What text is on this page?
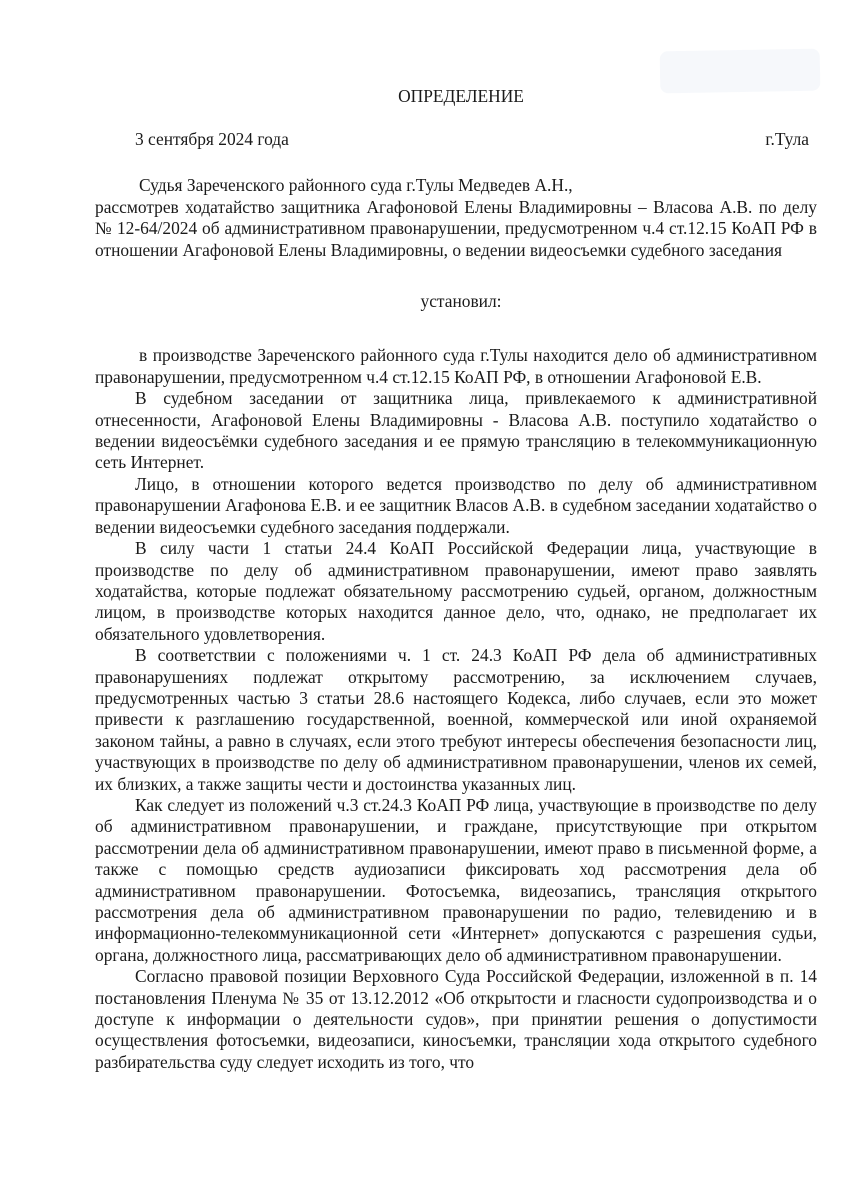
ОПРЕДЕЛЕНИЕ
3 сентября 2024 года	г.Тула

Судья Зареченского районного суда г.Тулы Медведев А.Н.,

рассмотрев ходатайство защитника Агафоновой Елены Владимировны – Власова А.В. по делу № 12-64/2024 об административном правонарушении, предусмотренном ч.4 ст.12.15 КоАП РФ в отношении Агафоновой Елены Владимировны, о ведении видеосъемки судебного заседания

установил:

в производстве Зареченского районного суда г.Тулы находится дело об административном правонарушении, предусмотренном ч.4 ст.12.15 КоАП РФ, в отношении Агафоновой Е.В.

В судебном заседании от защитника лица, привлекаемого к административной отнесенности, Агафоновой Елены Владимировны - Власова А.В. поступило ходатайство о ведении видеосъёмки судебного заседания и ее прямую трансляцию в телекоммуникационную сеть Интернет.

Лицо, в отношении которого ведется производство по делу об административном правонарушении Агафонова Е.В. и ее защитник Власов А.В. в судебном заседании ходатайство о ведении видеосъемки судебного заседания поддержали.

В силу части 1 статьи 24.4 КоАП Российской Федерации лица, участвующие в производстве по делу об административном правонарушении, имеют право заявлять ходатайства, которые подлежат обязательному рассмотрению судьей, органом, должностным лицом, в производстве которых находится данное дело, что, однако, не предполагает их обязательного удовлетворения.

В соответствии с положениями ч. 1 ст. 24.3 КоАП РФ дела об административных правонарушениях подлежат открытому рассмотрению, за исключением случаев, предусмотренных частью 3 статьи 28.6 настоящего Кодекса, либо случаев, если это может привести к разглашению государственной, военной, коммерческой или иной охраняемой законом тайны, а равно в случаях, если этого требуют интересы обеспечения безопасности лиц, участвующих в производстве по делу об административном правонарушении, членов их семей, их близких, а также защиты чести и достоинства указанных лиц.

Как следует из положений ч.3 ст.24.3 КоАП РФ лица, участвующие в производстве по делу об административном правонарушении, и граждане, присутствующие при открытом рассмотрении дела об административном правонарушении, имеют право в письменной форме, а также с помощью средств аудиозаписи фиксировать ход рассмотрения дела об административном правонарушении. Фотосъемка, видеозапись, трансляция открытого рассмотрения дела об административном правонарушении по радио, телевидению и в информационно-телекоммуникационной сети «Интернет» допускаются с разрешения судьи, органа, должностного лица, рассматривающих дело об административном правонарушении.

Согласно правовой позиции Верховного Суда Российской Федерации, изложенной в п. 14 постановления Пленума № 35 от 13.12.2012 «Об открытости и гласности судопроизводства и о доступе к информации о деятельности судов», при принятии решения о допустимости осуществления фотосъемки, видеозаписи, киносъемки, трансляции хода открытого судебного разбирательства суду следует исходить из того, что
